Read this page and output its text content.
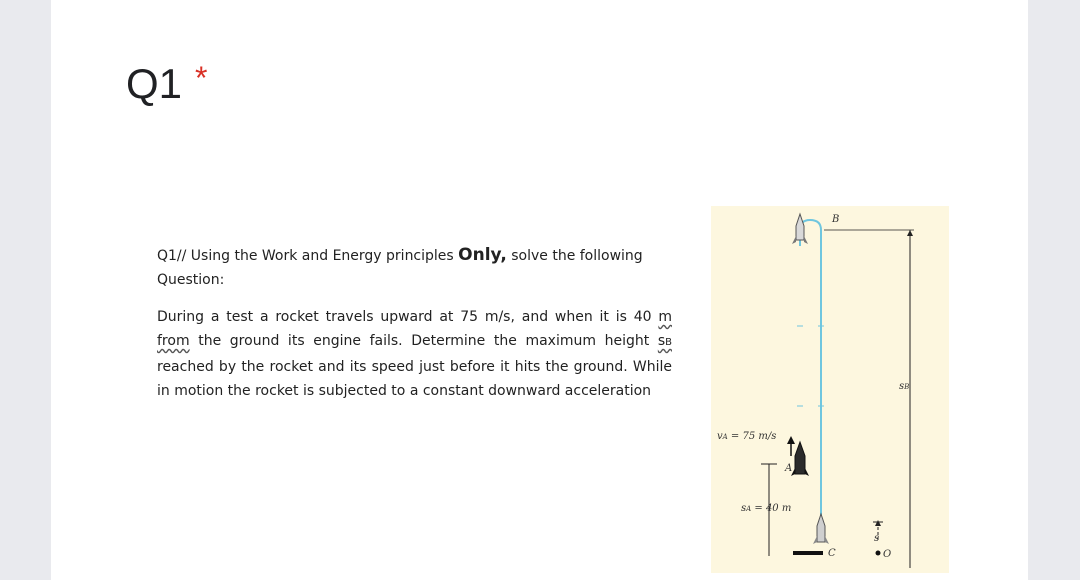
Q1 *
Q1// Using the Work and Energy principles Only, solve the following
Question:
During a test a rocket travels upward at 75 m/s, and when it is 40 m from the ground its engine fails. Determine the maximum height sB reached by the rocket and its speed just before it hits the ground. While in motion the rocket is subjected to a constant downward acceleration
B
sB
vA = 75 m/s
A
sA = 40 m
C
s
O
